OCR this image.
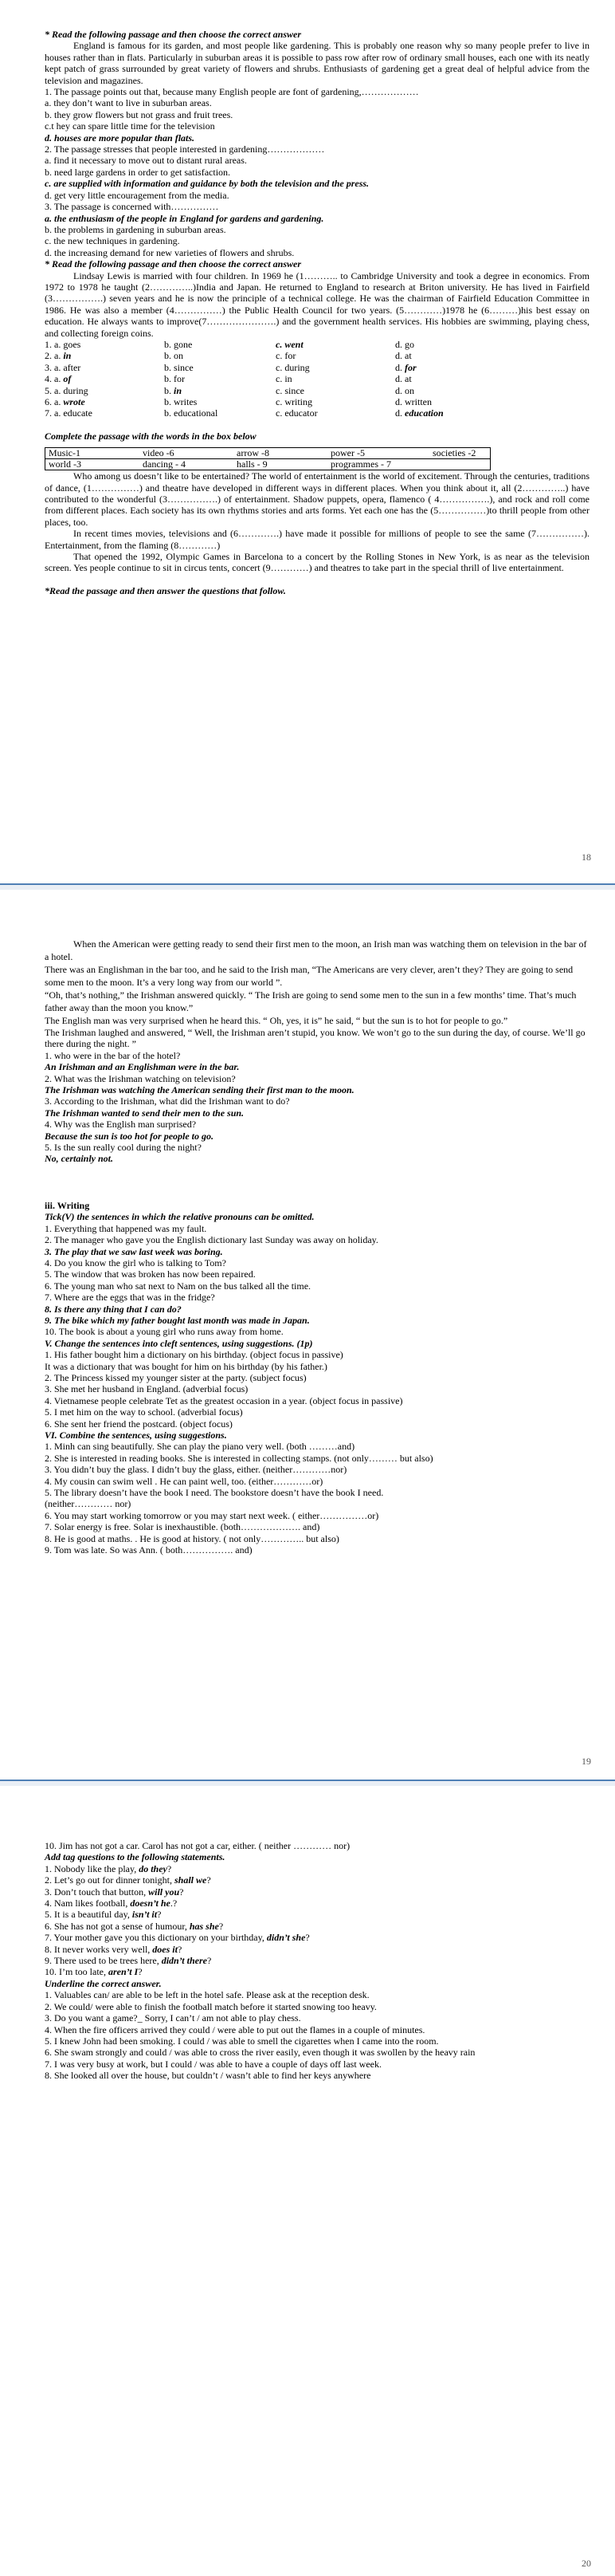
* Read the following passage and then choose the correct answer

England is famous for its garden, and most people like gardening. This is probably one reason why so many people prefer to live in houses rather than in flats. Particularly in suburban areas it is possible to pass row after row of ordinary small houses, each one with its neatly kept patch of grass surrounded by great variety of flowers and shrubs. Enthusiasts of gardening get a great deal of helpful advice from the television and magazines.

1. The passage points out that, because many English people are font of gardening,………………

a. they don’t want to live in suburban areas.

b. they grow flowers but not grass and fruit trees.

c.t hey can spare little time for the television

d. houses are more popular than flats.

2. The passage stresses that people interested in gardening………………

a. find it necessary to move out to distant rural areas.

b. need large gardens in order to get satisfaction.

c. are supplied with information and guidance by both the television and the press.

d. get very little encouragement from the media.

3. The passage is concerned with……………

a. the enthusiasm of the people in England for gardens and gardening.

b. the problems in gardening in suburban areas.

c. the new techniques in gardening.

d. the increasing demand for new varieties of flowers and shrubs.

* Read the following passage and then choose the correct answer

Lindsay Lewis is married with four children. In 1969 he (1……….. to Cambridge University and took a degree in economics. From 1972 to 1978 he taught (2…………..)India and Japan. He returned to England to research at Briton university. He has lived in Fairfield (3…………….) seven years and he is now the principle of a technical college. He was the chairman of Fairfield Education Committee in 1986. He was also a member (4……………) the Public Health Council for two years. (5…………)1978 he (6………)his best essay on education. He always wants to improve(7………………….) and the government health services. His hobbies are swimming, playing chess, and collecting foreign coins.

1. a. goes	b. gone	c. went	d. go
2. a. in	b. on	c. for	d. at
3. a. after	b. since	c. during	d. for
4. a. of	b. for	c. in	d. at
5. a. during	b. in	c. since	d. on
6. a. wrote	b. writes	c. writing	d. written
7. a. educate	b. educational	c. educator	d. education

Complete the passage with the words in the box below

Music-1	video -6	arrow -8	power -5	societies -2
world -3	dancing - 4	halls - 9	programmes - 7	

Who among us doesn’t like to be entertained? The world of entertainment is the world of excitement. Through the centuries, traditions of dance, (1……………) and theatre have developed in different ways in different places. When you think about it, all (2…………..) have contributed to the wonderful (3…………….) of entertainment. Shadow puppets, opera, flamenco ( 4…………….), and rock and roll come from different places. Each society has its own rhythms stories and arts forms. Yet each one has the (5……………)to thrill people from other places, too.

In recent times movies, televisions and (6………….) have made it possible for millions of people to see the same (7……………). Entertainment, from the flaming (8…………)

That opened the 1992, Olympic Games in Barcelona to a concert by the Rolling Stones in New York, is as near as the television screen. Yes people continue to sit in circus tents, concert (9…………) and theatres to take part in the special thrill of live entertainment.

*Read the passage and then answer the questions that follow.

18

When the American were getting ready to send their first men to the moon, an Irish man was watching them on television in the bar of a hotel.

There was an Englishman in the bar too, and he said to the Irish man, “The Americans are very clever, aren’t they? They are going to send some men to the moon. It’s a very long way from our world ”.

“Oh, that’s nothing,” the Irishman answered quickly. “ The Irish are going to send some men to the sun in a few months’ time. That’s much father away than the moon you know.”

The English man was very surprised when he heard this. “ Oh, yes, it is” he said, “ but the sun is to hot for people to go.”

The Irishman laughed and answered, “ Well, the Irishman aren’t stupid, you know. We won’t go to the sun during the day, of course. We’ll go there during the night. ”

1. who were in the bar of the hotel?

An Irishman and an Englishman were in the bar.

2. What was the Irishman watching on television?

The Irishman was watching the American sending their first man to the moon.

3. According to the Irishman, what did the Irishman want to do?

The Irishman wanted to send their men to the sun.

4. Why was the English man surprised?

Because the sun is too hot for people to go.

5. Is the sun really cool during the night?

No, certainly not.

iii. Writing

Tick(V) the sentences in which the relative pronouns can be omitted.

1. Everything that happened was my fault.

2. The manager who gave you the English dictionary last Sunday was away on holiday.

3. The play that we saw last week was boring.

4. Do you know the girl who is talking to Tom?

5. The window that was broken has now been repaired.

6. The young man who sat next to Nam on the bus talked all the time.

7. Where are the eggs that was in the fridge?

8. Is there any thing that I can do?

9. The bike which my father bought last month was made in Japan.

10. The book is about a young girl who runs away from home.

V. Change the sentences into cleft sentences, using suggestions. (1p)

1. His father bought him a dictionary on his birthday. (object focus in passive)

It was a dictionary that was bought for him on his birthday (by his father.)

2. The Princess kissed my younger sister at the party. (subject focus)

3. She met her husband in England. (adverbial focus)

4. Vietnamese people celebrate Tet as the greatest occasion in a year. (object focus in passive)

5. I met him on the way to school. (adverbial focus)

6. She sent her friend the postcard. (object focus)

VI. Combine the sentences, using suggestions.

1. Minh can sing beautifully. She can play the piano very well. (both ………and)

2. She is interested in reading books. She is interested in collecting stamps. (not only……… but also)

3. You didn’t buy the glass. I didn’t buy the glass, either. (neither…………nor)

4. My cousin can swim well . He can paint well, too. (either…………or)

5. The library doesn’t have the book I need. The bookstore doesn’t have the book I need.

(neither………… nor)

6. You may start working tomorrow or you may start next week. ( either……………or)

7. Solar energy is free. Solar is inexhaustible. (both………………. and)

8. He is good at maths. . He is good at history. ( not only………….. but also)

9. Tom was late. So was Ann. ( both……………. and)

19

10. Jim has not got a car. Carol has not got a car, either. ( neither ………… nor)

Add tag questions to the following statements.

1. Nobody like the play, do they?

2. Let’s go out for dinner tonight, shall we?

3. Don’t touch that button, will you?

4. Nam likes football, doesn’t he.?

5. It is a beautiful day, isn’t it?

6. She has not got a sense of humour, has she?

7. Your mother gave you this dictionary on your birthday, didn’t she?

8. It never works very well, does it?

9. There used to be trees here, didn’t there?

10. I’m too late, aren’t I?

Underline the correct answer.

1. Valuables can/ are able to be left in the hotel safe. Please ask at the reception desk.

2. We could/ were able to finish the football match before it started snowing too heavy.

3. Do you want a game?_ Sorry, I can’t / am not able to play chess.

4. When the fire officers arrived they could / were able to put out the flames in a couple of minutes.

5. I knew John had been smoking. I could / was able to smell the cigarettes when I came into the room.

6. She swam strongly and could / was able to cross the river easily, even though it was swollen by the heavy rain

7. I was very busy at work, but I could / was able to have a couple of days off last week.

8. She looked all over the house, but couldn’t / wasn’t able to find her keys anywhere

20
